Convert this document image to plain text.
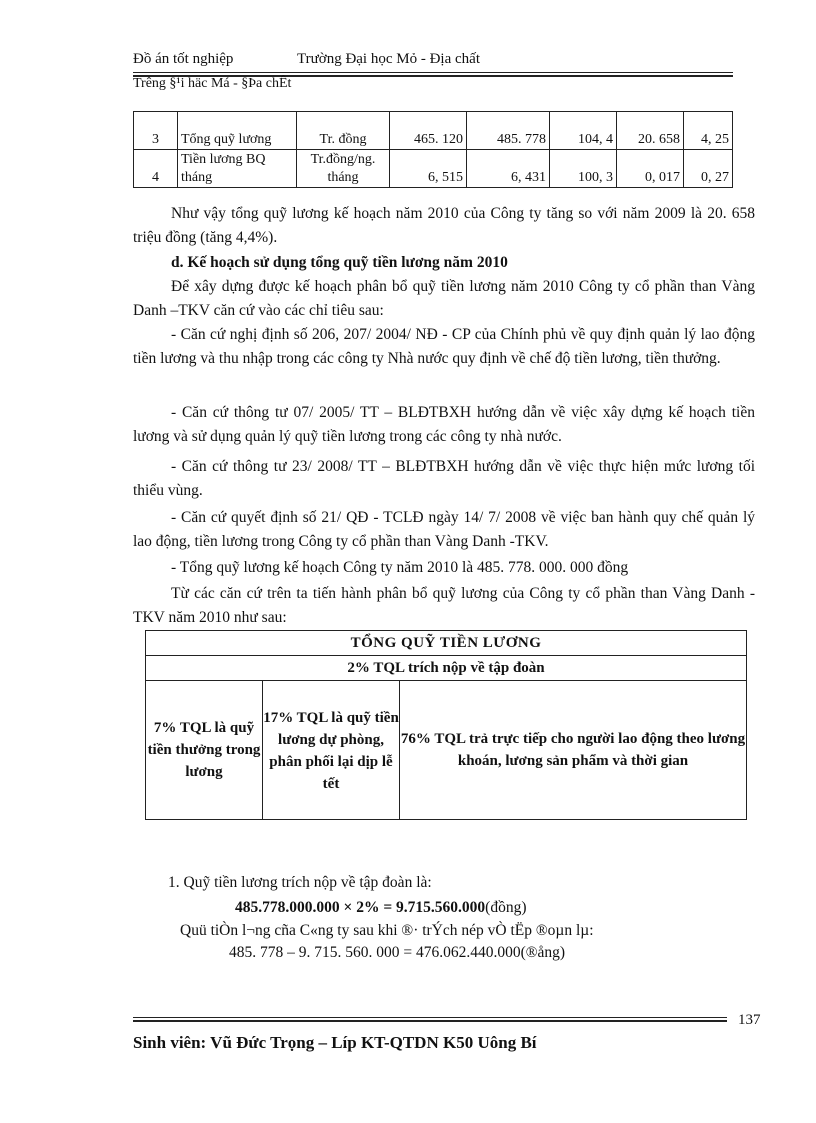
Đồ án tốt nghiệp	Trường Đại học Mỏ - Địa chất
Trêng §¹i häc Má - §Þa chÊt
3	Tổng quỹ lương	Tr. đồng	465. 120	485. 778	104, 4	20. 658	4, 25
4	Tiền lương BQ tháng	Tr.đồng/ng. tháng	6, 515	6, 431	100, 3	0, 017	0, 27
Như vậy tổng quỹ lương kế hoạch năm 2010 của Công ty tăng so với năm 2009 là 20. 658 triệu đồng (tăng 4,4%).
d. Kế hoạch sử dụng tổng quỹ tiền lương năm 2010
Để xây dựng được kế hoạch phân bổ quỹ tiền lương năm 2010 Công ty cổ phần than Vàng Danh –TKV căn cứ vào các chỉ tiêu sau:
- Căn cứ nghị định số 206, 207/ 2004/ NĐ - CP của Chính phủ về quy định quản lý lao động tiền lương và thu nhập trong các công ty Nhà nước quy định về chế độ tiền lương, tiền thưởng.
- Căn cứ thông tư 07/ 2005/ TT – BLĐTBXH hướng dẫn về việc xây dựng kế hoạch tiền lương và sử dụng quản lý quỹ tiền lương trong các công ty nhà nước.
- Căn cứ thông tư 23/ 2008/ TT – BLĐTBXH hướng dẫn về việc thực hiện mức lương tối thiểu vùng.
- Căn cứ quyết định số 21/ QĐ - TCLĐ ngày 14/ 7/ 2008 về việc ban hành quy chế quản lý lao động, tiền lương trong Công ty cổ phần than Vàng Danh -TKV.
- Tổng quỹ lương kế hoạch Công ty năm 2010 là 485. 778. 000. 000 đồng
Từ các căn cứ trên ta tiến hành phân bổ quỹ lương của Công ty cổ phần than Vàng Danh -TKV năm 2010 như sau:
TỔNG QUỸ TIỀN LƯƠNG
2% TQL trích nộp về tập đoàn
7% TQL là quỹ tiền thưởng trong lương
17% TQL là quỹ tiền lương dự phòng, phân phối lại dịp lễ tết
76% TQL trả trực tiếp cho người lao động theo lương khoán, lương sản phẩm và thời gian
1. Quỹ tiền lương trích nộp về tập đoàn là:
485.778.000.000 × 2% = 9.715.560.000(đồng)
Quü tiÒn l¬ng cña C«ng ty sau khi ®· trÝch nép vÒ tËp ®oµn lµ:
485. 778 – 9. 715. 560. 000 = 476.062.440.000(®ång)
137
Sinh viên: Vũ Đức Trọng – Líp KT-QTDN K50 Uông Bí
